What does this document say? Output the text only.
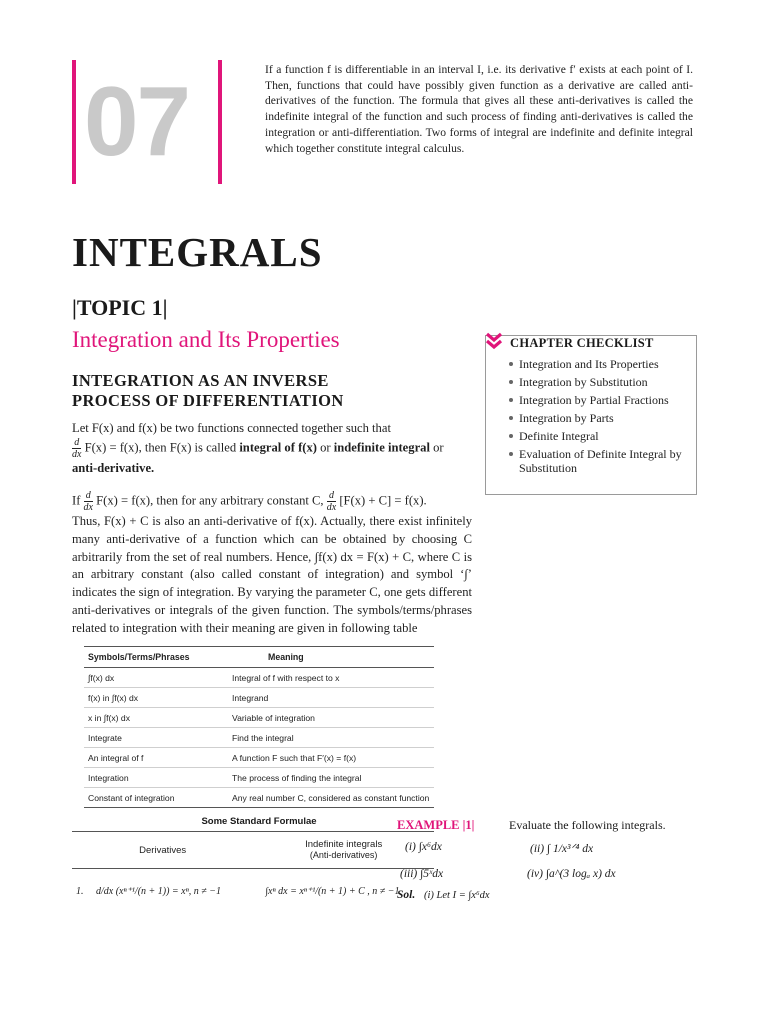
07	If a function f is differentiable in an interval I, i.e. its derivative f′ exists at each point of I. Then, functions that could have possibly given function as a derivative are called anti-derivatives of the function. The formula that gives all these anti-derivatives is called the indefinite integral of the function and such process of finding anti-derivatives is called the integration or anti-differentiation. Two forms of integral are indefinite and definite integral which together constitute integral calculus.
INTEGRALS
|TOPIC 1|
Integration and Its Properties
INTEGRATION AS AN INVERSE PROCESS OF DIFFERENTIATION
Let F(x) and f(x) be two functions connected together such that

$\frac{d}{dx} F(x) = f(x)$, then F(x) is called integral of f(x) or indefinite integral or
anti-derivative.
If $\frac{d}{dx} F(x) = f(x)$, then for any arbitrary constant C, $\frac{d}{dx} [F(x) + C] = f(x)$.
Thus, F(x) + C is also an anti-derivative of f(x). Actually, there exist infinitely many anti-derivative of a function which can be obtained by choosing C arbitrarily from the set of real numbers. Hence, ∫f(x) dx = F(x) + C, where C is an arbitrary constant (also called constant of integration) and symbol ‘∫’ indicates the sign of integration. By varying the parameter C, one gets different anti-derivatives or integrals of the given function. The symbols/terms/phrases related to integration with their meaning are given in following table
CHAPTER CHECKLIST
Integration and Its Properties
Integration by Substitution
Integration by Partial Fractions
Integration by Parts
Definite Integral
Evaluation of Definite Integral by Substitution
Symbols/Terms/Phrases	Meaning
∫f(x) dx	Integral of f with respect to x
f(x) in ∫f(x) dx	Integrand
x in ∫f(x) dx	Variable of integration
Integrate	Find the integral
An integral of f	A function F such that F′(x) = f(x)
Integration	The process of finding the integral
Constant of integration	Any real number C, considered as constant function
Some Standard Formulae
Derivatives		Indefinite integrals
(Anti-derivatives)
1.	d/dx (xⁿ⁺¹/(n + 1)) = xⁿ, n ≠ −1	∫xⁿ dx = xⁿ⁺¹/(n + 1) + C , n ≠ −1
EXAMPLE |1|	Evaluate the following integrals.
(i) ∫x⁶dx	(ii) ∫ 1/x³ᐟ⁴ dx
(iii) ∫5ˣdx	(iv) ∫a^(3 logₐ x) dx
Sol. (i) Let I = ∫x⁶dx
